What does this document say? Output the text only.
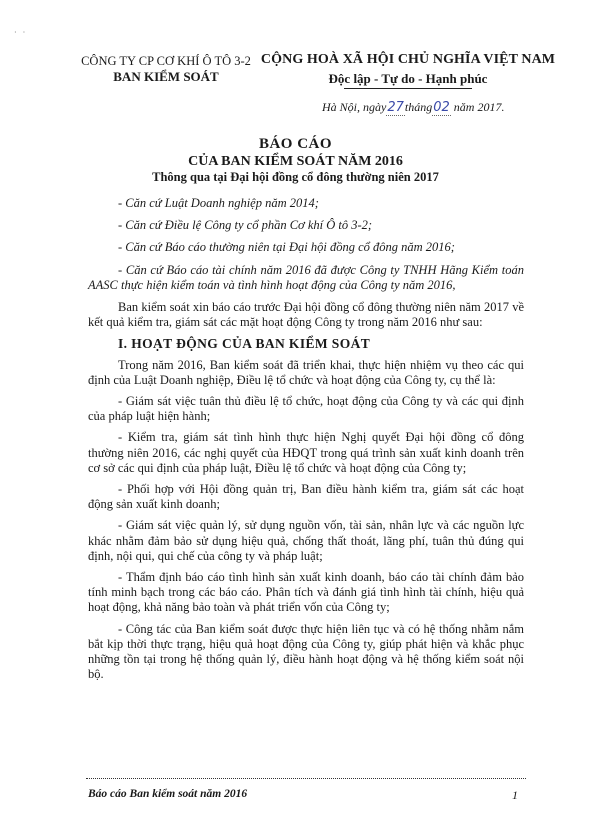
··
CÔNG TY CP CƠ KHÍ Ô TÔ 3-2
BAN KIỂM SOÁT
CỘNG HOÀ XÃ HỘI CHỦ NGHĨA VIỆT NAM
Độc lập - Tự do - Hạnh phúc
Hà Nội, ngày27tháng02 năm 2017.
BÁO CÁO
CỦA BAN KIỂM SOÁT NĂM 2016
Thông qua tại Đại hội đồng cổ đông thường niên 2017

- Căn cứ Luật Doanh nghiệp năm 2014;

- Căn cứ Điều lệ Công ty cổ phần Cơ khí Ô tô 3-2;

- Căn cứ Báo cáo thường niên tại Đại hội đồng cổ đông năm 2016;

- Căn cứ Báo cáo tài chính năm 2016 đã được Công ty TNHH Hãng Kiểm toán AASC thực hiện kiểm toán và tình hình hoạt động của Công ty năm 2016,

Ban kiểm soát xin báo cáo trước Đại hội đồng cổ đông thường niên năm 2017 về kết quả kiểm tra, giám sát các mặt hoạt động Công ty trong năm 2016 như sau:

I. HOẠT ĐỘNG CỦA BAN KIỂM SOÁT

Trong năm 2016, Ban kiểm soát đã triển khai, thực hiện nhiệm vụ theo các qui định của Luật Doanh nghiệp, Điều lệ tổ chức và hoạt động của Công ty, cụ thể là:

- Giám sát việc tuân thủ điều lệ tổ chức, hoạt động của Công ty và các qui định của pháp luật hiện hành;

- Kiểm tra, giám sát tình hình thực hiện Nghị quyết Đại hội đồng cổ đông thường niên 2016, các nghị quyết của HĐQT trong quá trình sản xuất kinh doanh trên cơ sở các qui định của pháp luật, Điều lệ tổ chức và hoạt động của Công ty;

- Phối hợp với Hội đồng quản trị, Ban điều hành kiểm tra, giám sát các hoạt động sản xuất kinh doanh;

- Giám sát việc quản lý, sử dụng nguồn vốn, tài sản, nhân lực và các nguồn lực khác nhằm đảm bảo sử dụng hiệu quả, chống thất thoát, lãng phí, tuân thủ đúng qui định, nội qui, qui chế của công ty và pháp luật;

- Thẩm định báo cáo tình hình sản xuất kinh doanh, báo cáo tài chính đảm bảo tính minh bạch trong các báo cáo. Phân tích và đánh giá tình hình tài chính, hiệu quả hoạt động, khả năng bảo toàn và phát triển vốn của Công ty;

- Công tác của Ban kiểm soát được thực hiện liên tục và có hệ thống nhằm nắm bắt kịp thời thực trạng, hiệu quả hoạt động của Công ty, giúp phát hiện và khắc phục những tồn tại trong hệ thống quản lý, điều hành hoạt động và hệ thống kiểm soát nội bộ.

Báo cáo Ban kiểm soát năm 2016	1
